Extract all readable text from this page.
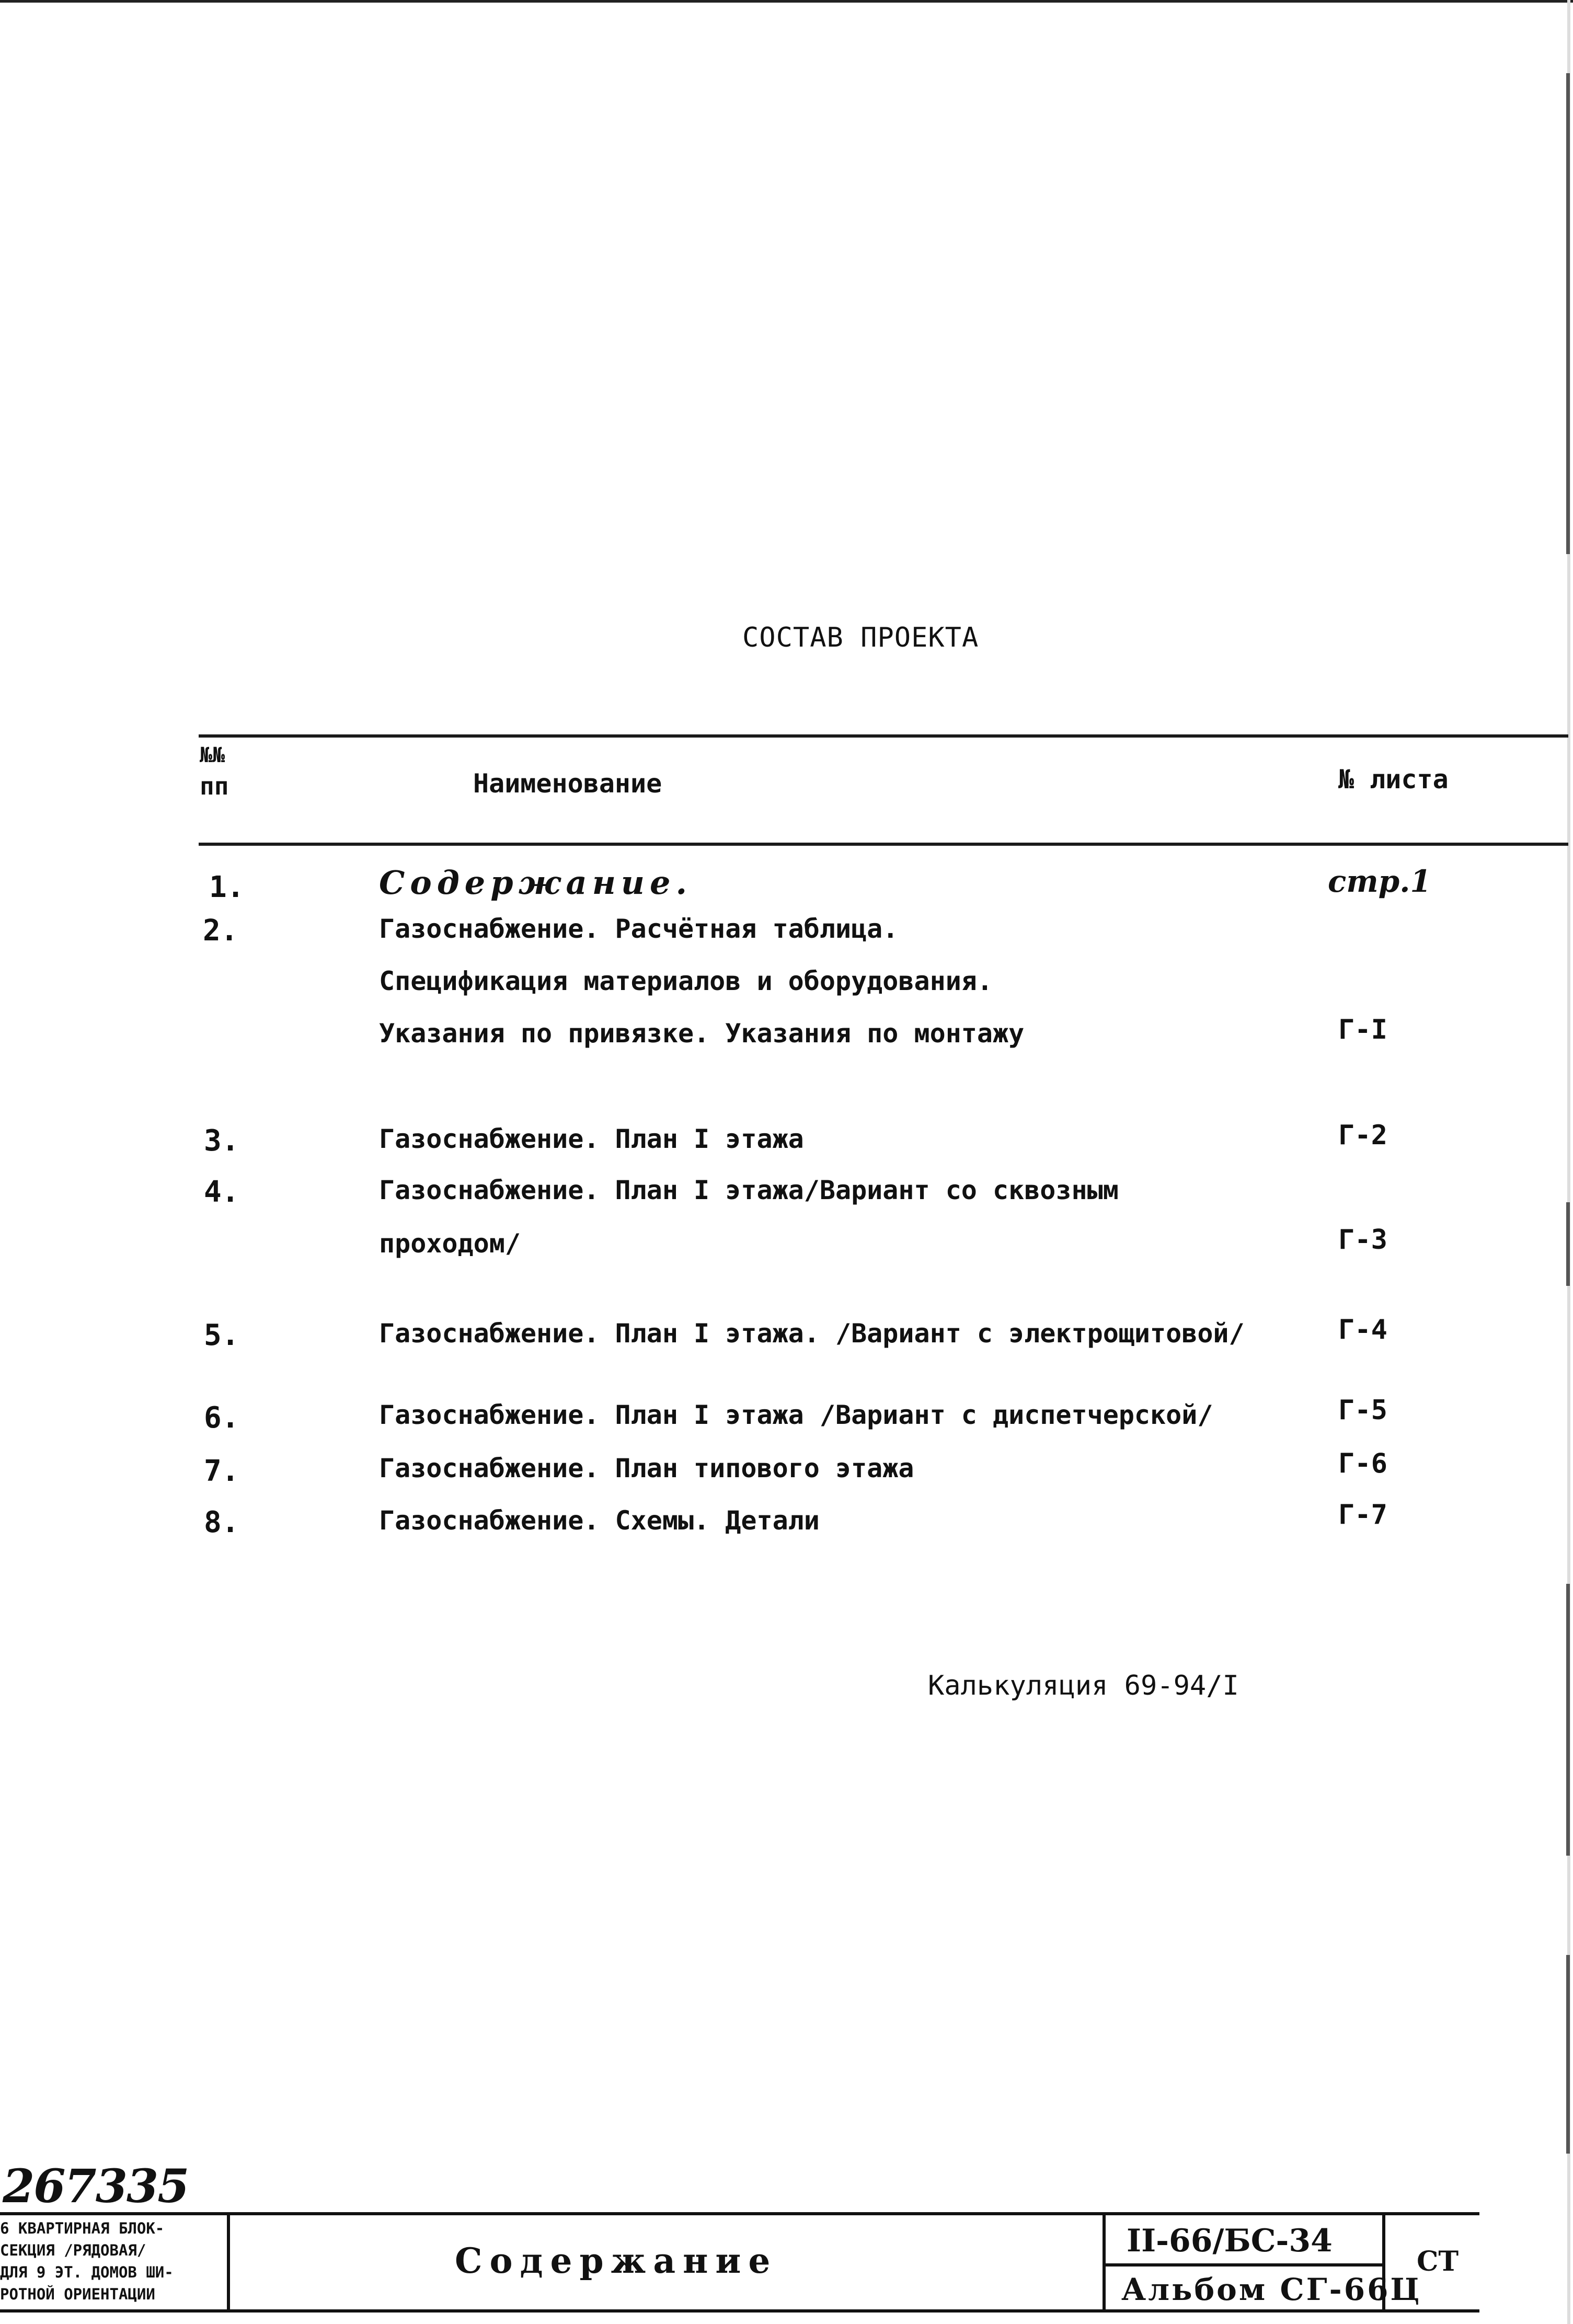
СОСТАВ ПРОЕКТА
№№
пп	Наименование	№ листа
1.	Содержание.	стр.1
2.	Газоснабжение. Расчётная таблица.
Спецификация материалов и оборудования.
Указания по привязке. Указания по монтажу	Г-I
3.	Газоснабжение. План I этажа	Г-2
4.	Газоснабжение. План I этажа/Вариант со сквозным
проходом/	Г-3
5.	Газоснабжение. План I этажа. /Вариант с электрощитовой/	Г-4
6.	Газоснабжение. План I этажа /Вариант с диспетчерской/	Г-5
7.	Газоснабжение. План типового этажа	Г-6
8.	Газоснабжение. Схемы. Детали	Г-7
Калькуляция 69-94/I
267335
6 КВАРТИРНАЯ БЛОК-
СЕКЦИЯ /РЯДОВАЯ/
ДЛЯ 9 ЭТ. ДОМОВ ШИ-
РОТНОЙ ОРИЕНТАЦИИ
Содержание	II-66/БС-34
Альбом СГ-66Ц
СТ
